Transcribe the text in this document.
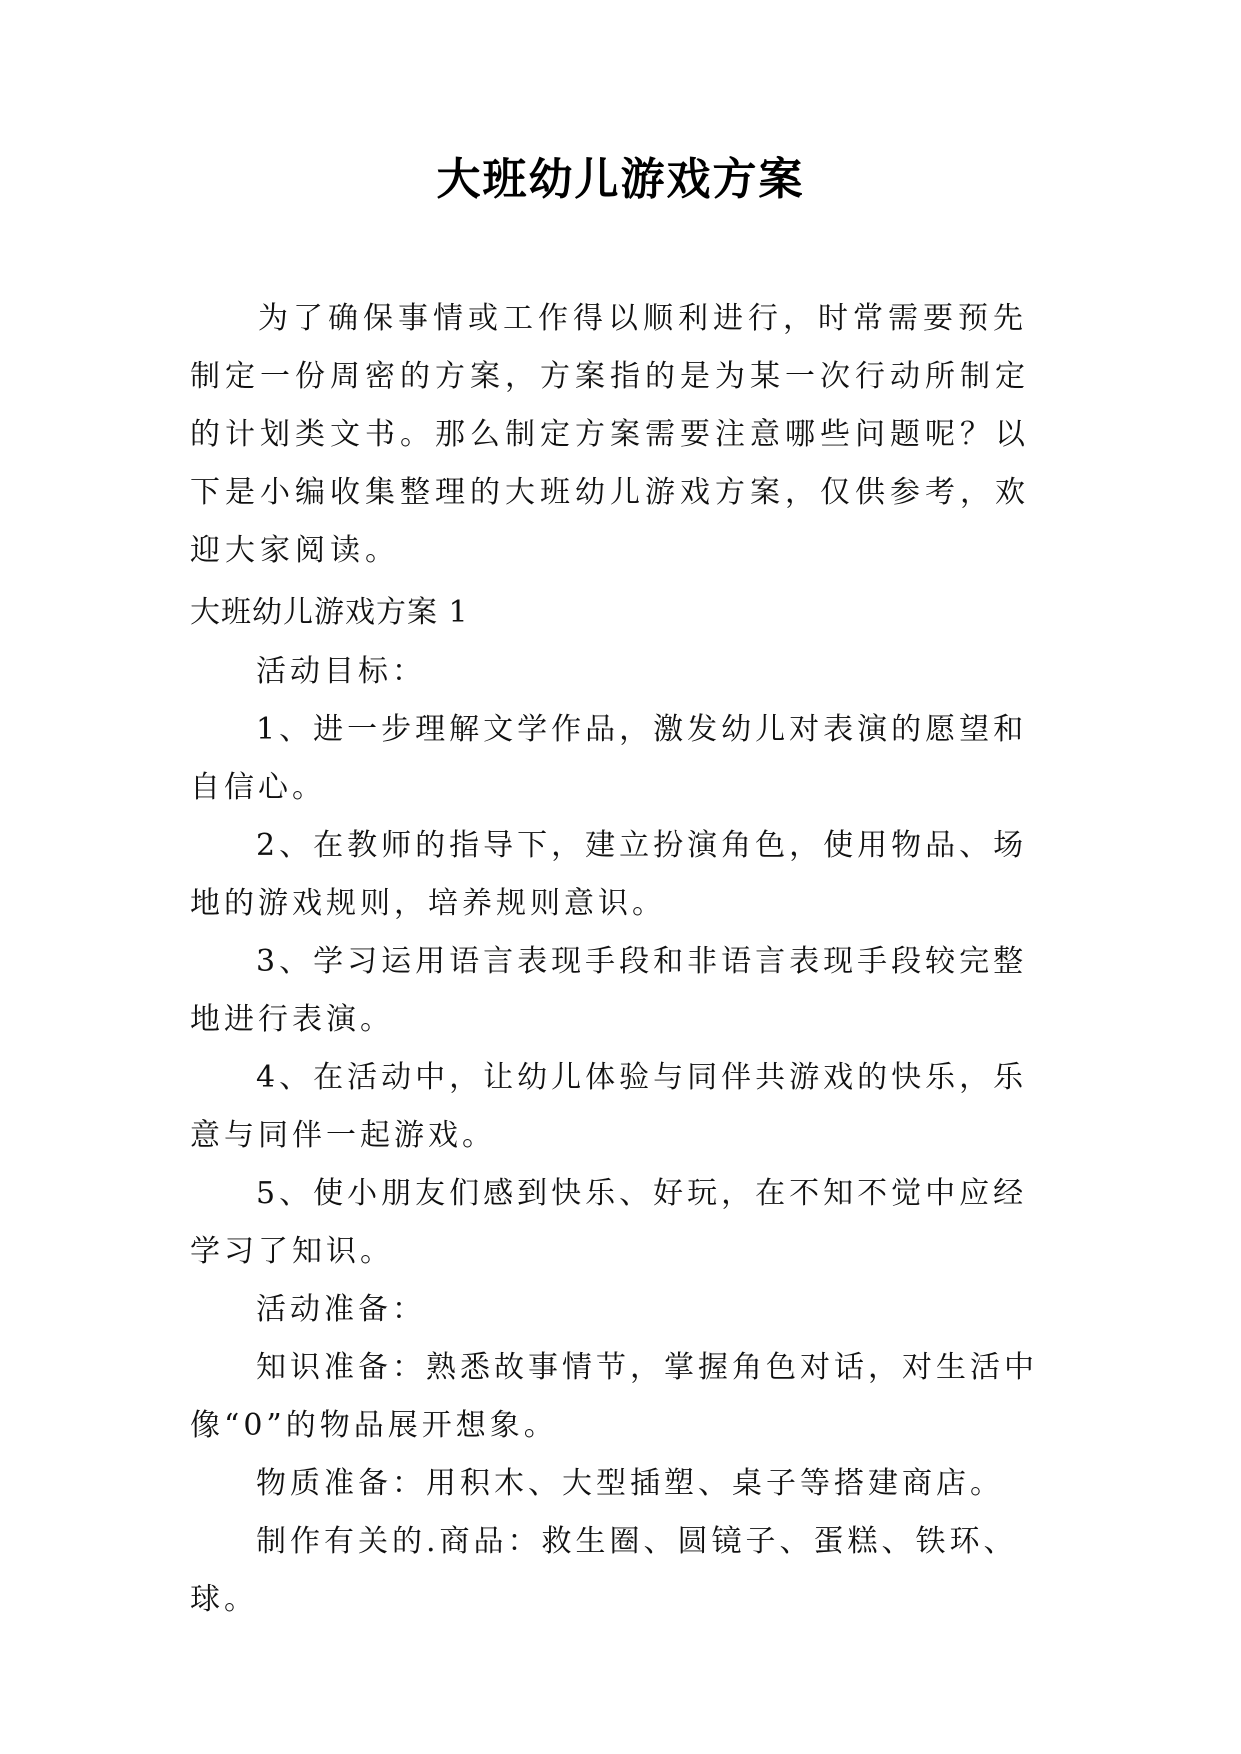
大班幼儿游戏方案

为了确保事情或工作得以顺利进行，时常需要预先制定一份周密的方案，方案指的是为某一次行动所制定的计划类文书。那么制定方案需要注意哪些问题呢？以下是小编收集整理的大班幼儿游戏方案，仅供参考，欢迎大家阅读。

大班幼儿游戏方案 1

活动目标：

1、进一步理解文学作品，激发幼儿对表演的愿望和自信心。

2、在教师的指导下，建立扮演角色，使用物品、场地的游戏规则，培养规则意识。

3、学习运用语言表现手段和非语言表现手段较完整地进行表演。

4、在活动中，让幼儿体验与同伴共游戏的快乐，乐意与同伴一起游戏。

5、使小朋友们感到快乐、好玩，在不知不觉中应经学习了知识。

活动准备：

知识准备：熟悉故事情节，掌握角色对话，对生活中像“0”的物品展开想象。

物质准备：用积木、大型插塑、桌子等搭建商店。

制作有关的.商品：救生圈、圆镜子、蛋糕、铁环、球。
